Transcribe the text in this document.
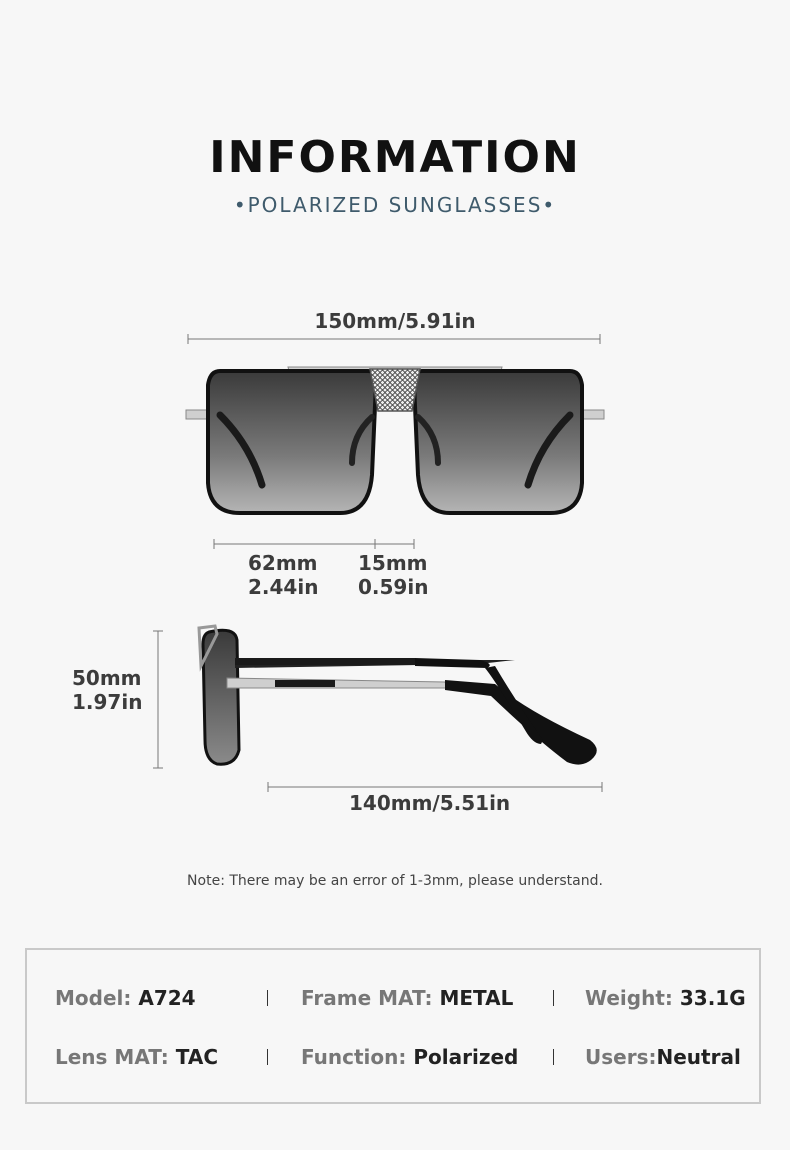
INFORMATION
•POLARIZED SUNGLASSES•
150mm/5.91in
62mm
2.44in
15mm
0.59in
50mm
1.97in
140mm/5.51in
Note: There may be an error of 1-3mm, please understand.
Model: A724	Frame MAT: METAL	Weight: 33.1G
Lens MAT: TAC	Function: Polarized	Users:Neutral
